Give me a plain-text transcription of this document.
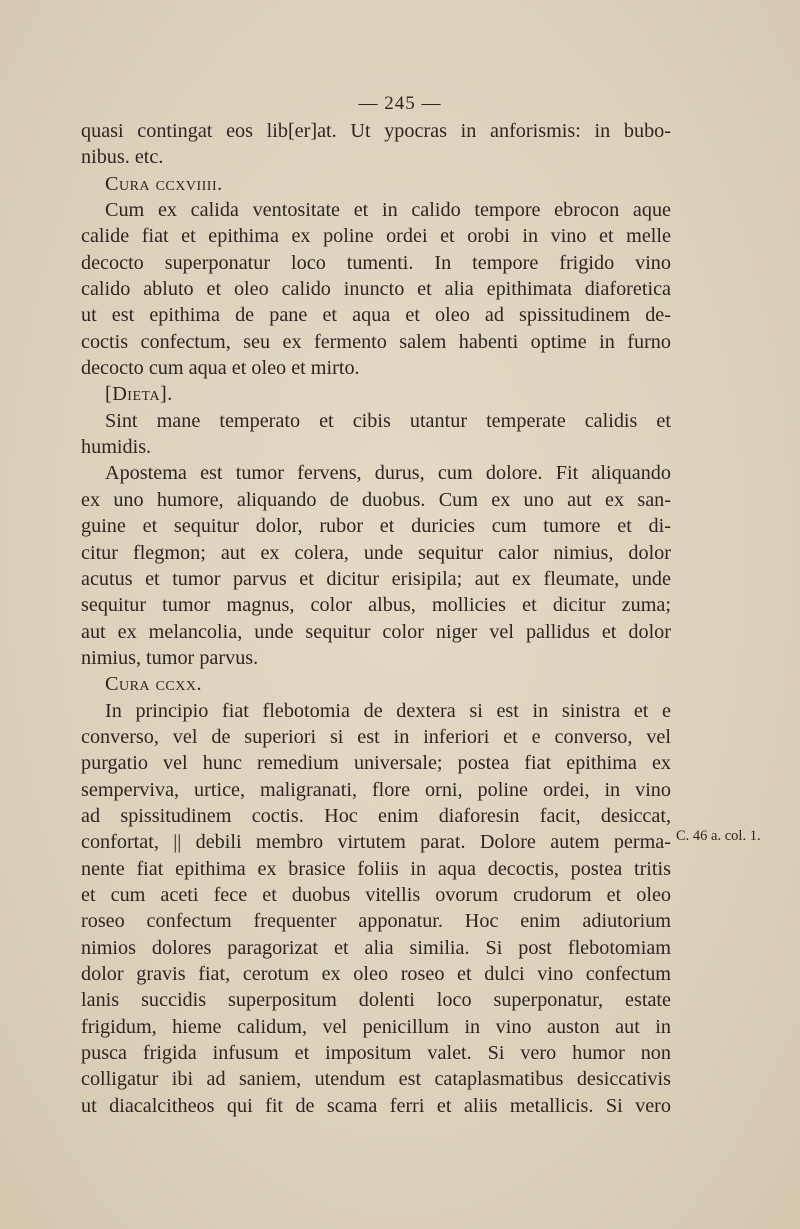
— 245 —
quasi contingat eos lib[er]at. Ut ypocras in anforismis: in bubo-
nibus. etc.
Cura ccxviiii.
Cum ex calida ventositate et in calido tempore ebrocon aque
calide fiat et epithima ex poline ordei et orobi in vino et melle
decocto superponatur loco tumenti. In tempore frigido vino
calido abluto et oleo calido inuncto et alia epithimata diaforetica
ut est epithima de pane et aqua et oleo ad spissitudinem de-
coctis confectum, seu ex fermento salem habenti optime in furno
decocto cum aqua et oleo et mirto.
[Dieta].
Sint mane temperato et cibis utantur temperate calidis et
humidis.
Apostema est tumor fervens, durus, cum dolore. Fit aliquando
ex uno humore, aliquando de duobus. Cum ex uno aut ex san-
guine et sequitur dolor, rubor et duricies cum tumore et di-
citur flegmon; aut ex colera, unde sequitur calor nimius, dolor
acutus et tumor parvus et dicitur erisipila; aut ex fleumate, unde
sequitur tumor magnus, color albus, mollicies et dicitur zuma;
aut ex melancolia, unde sequitur color niger vel pallidus et dolor
nimius, tumor parvus.
Cura ccxx.
In principio fiat flebotomia de dextera si est in sinistra et e
converso, vel de superiori si est in inferiori et e converso, vel
purgatio vel hunc remedium universale; postea fiat epithima ex
semperviva, urtice, maligranati, flore orni, poline ordei, in vino
ad spissitudinem coctis. Hoc enim diaforesin facit, desiccat,
confortat, || debili membro virtutem parat. Dolore autem perma-
nente fiat epithima ex brasice foliis in aqua decoctis, postea tritis
et cum aceti fece et duobus vitellis ovorum crudorum et oleo
roseo confectum frequenter apponatur. Hoc enim adiutorium
nimios dolores paragorizat et alia similia. Si post flebotomiam
dolor gravis fiat, cerotum ex oleo roseo et dulci vino confectum
lanis succidis superpositum dolenti loco superponatur, estate
frigidum, hieme calidum, vel penicillum in vino auston aut in
pusca frigida infusum et impositum valet. Si vero humor non
colligatur ibi ad saniem, utendum est cataplasmatibus desiccativis
ut diacalcitheos qui fit de scama ferri et aliis metallicis. Si vero
C. 46 a. col. 1.
